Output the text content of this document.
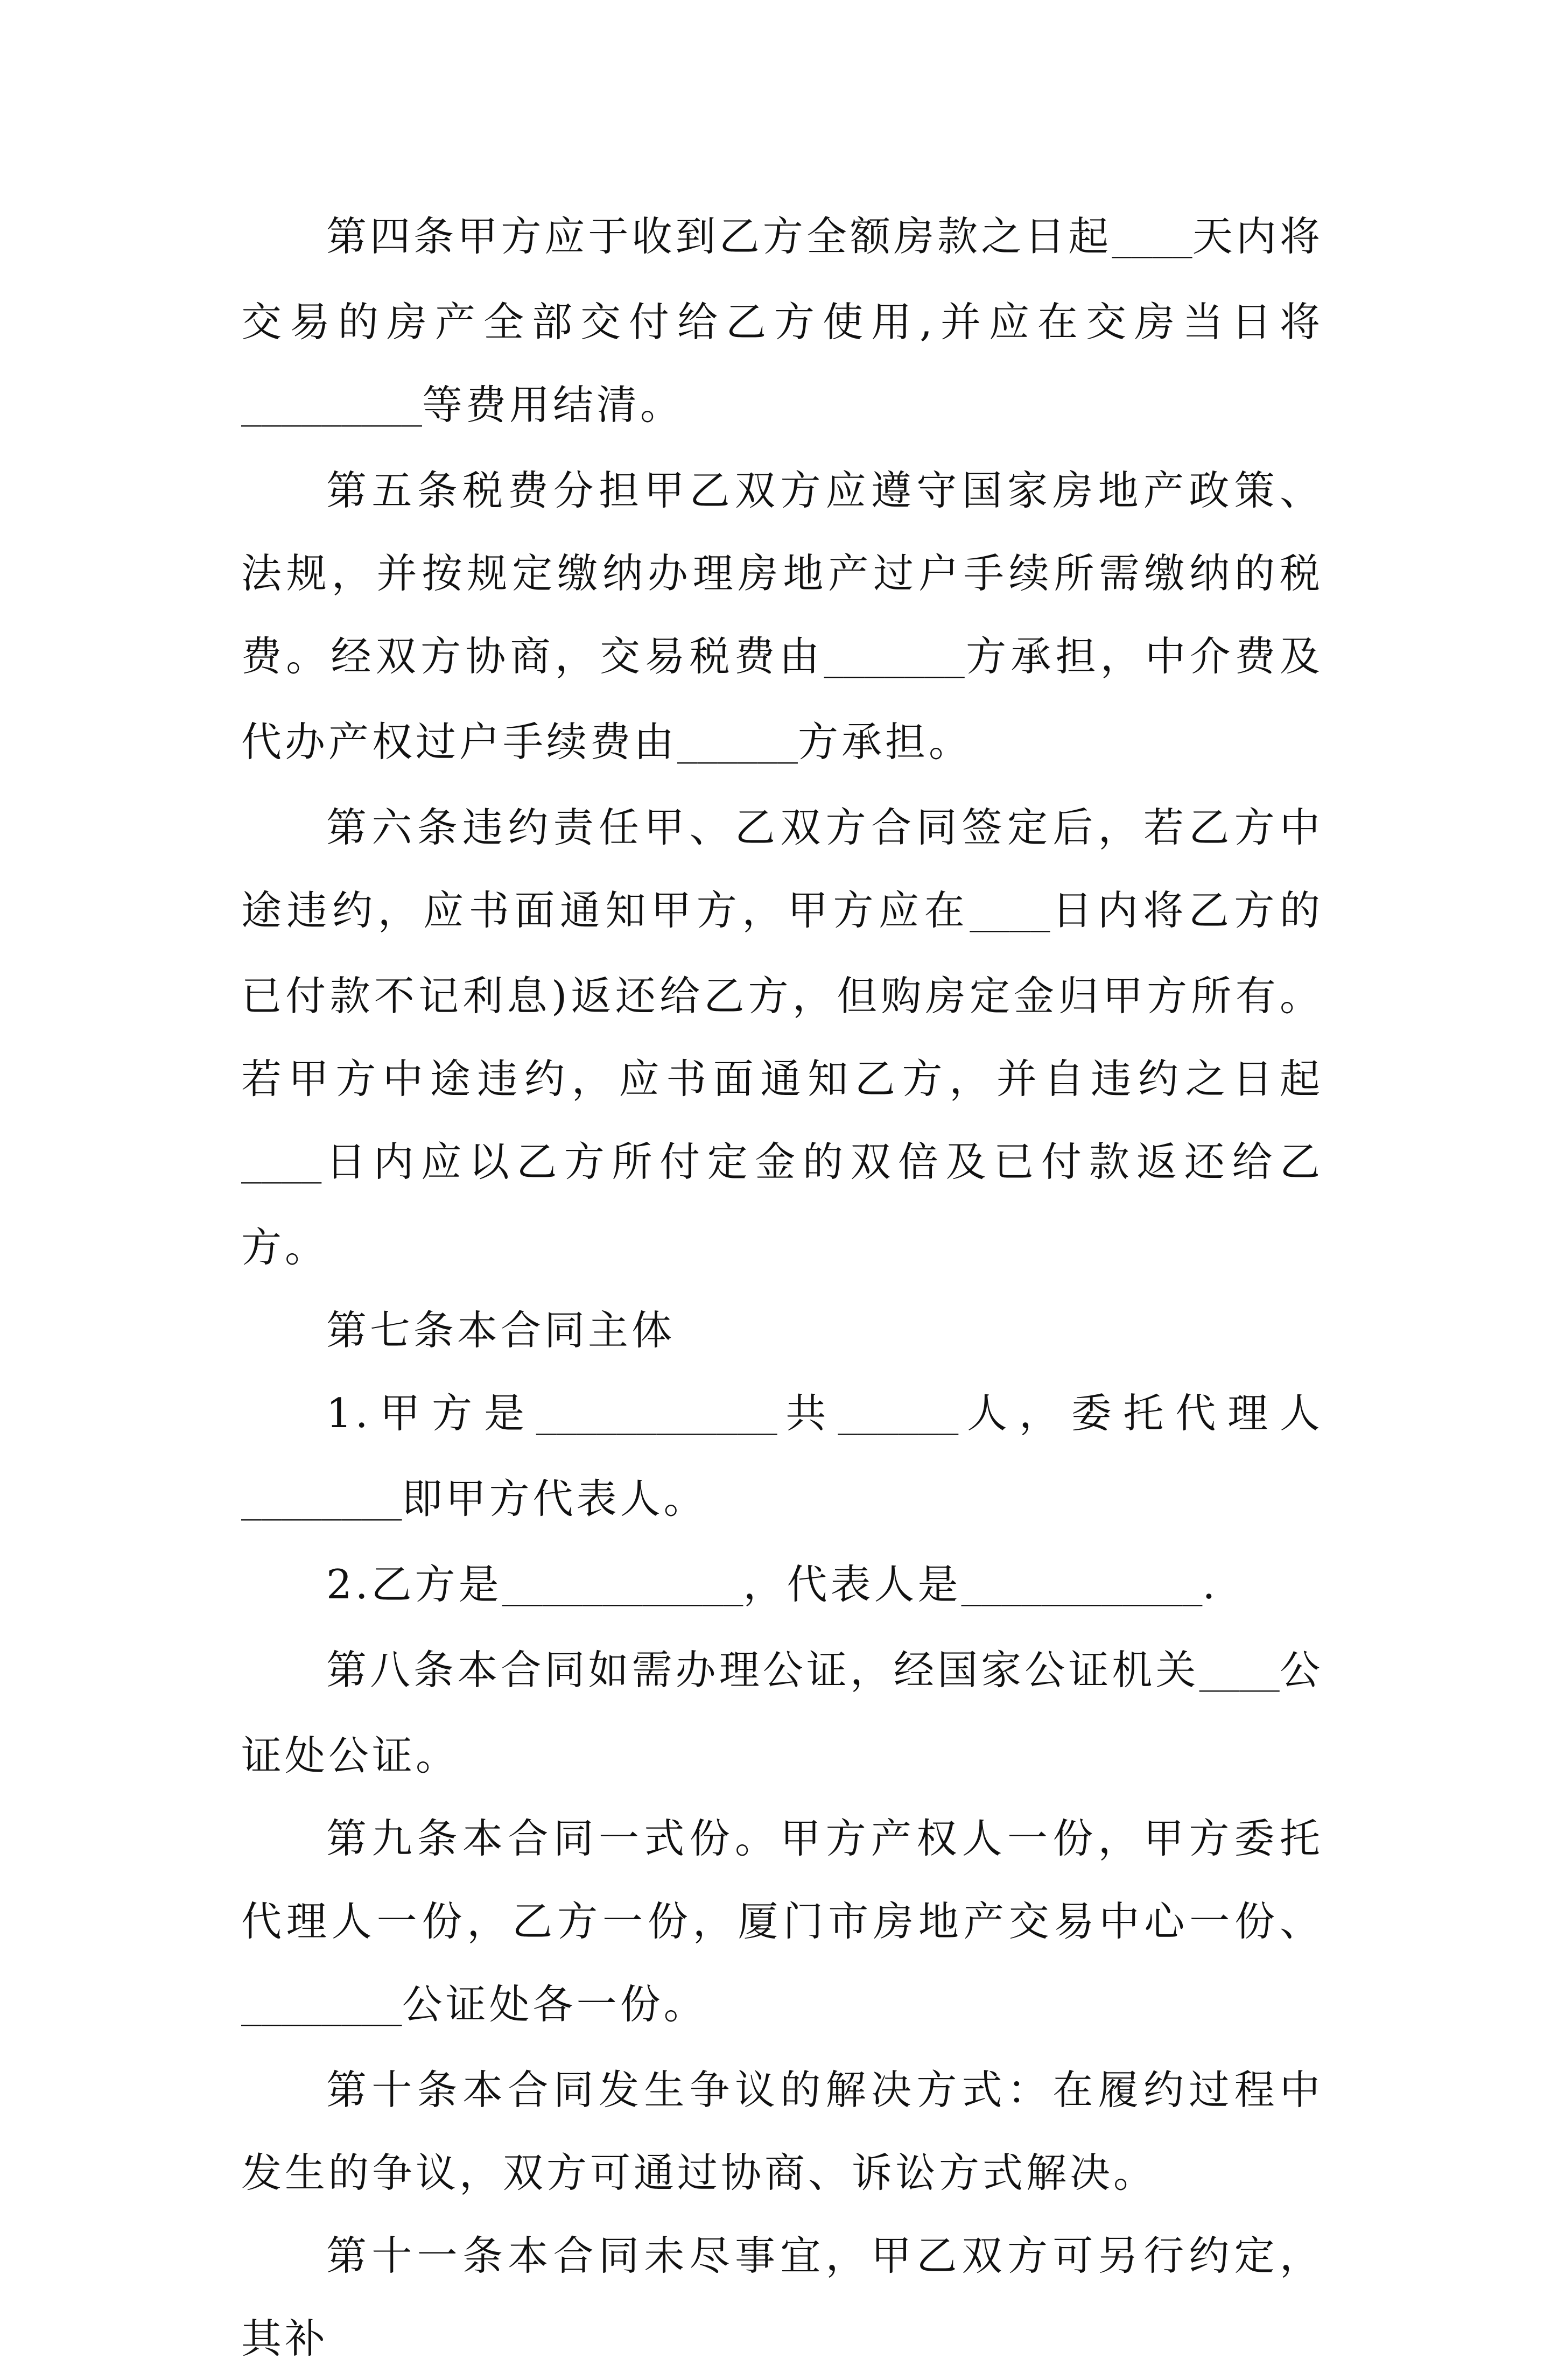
第四条甲方应于收到乙方全额房款之日起____天内将交易的房产全部交付给乙方使用,并应在交房当日将_________等费用结清。

第五条税费分担甲乙双方应遵守国家房地产政策、法规，并按规定缴纳办理房地产过户手续所需缴纳的税费。经双方协商，交易税费由_______方承担，中介费及代办产权过户手续费由______方承担。

第六条违约责任甲、乙双方合同签定后，若乙方中途违约，应书面通知甲方，甲方应在____日内将乙方的已付款不记利息)返还给乙方，但购房定金归甲方所有。若甲方中途违约，应书面通知乙方，并自违约之日起____日内应以乙方所付定金的双倍及已付款返还给乙方。

第七条本合同主体

1.甲方是____________共______人，委托代理人________即甲方代表人。

2.乙方是____________，代表人是____________.

第八条本合同如需办理公证，经国家公证机关____公证处公证。

第九条本合同一式份。甲方产权人一份，甲方委托代理人一份，乙方一份，厦门市房地产交易中心一份、________公证处各一份。

第十条本合同发生争议的解决方式：在履约过程中发生的争议，双方可通过协商、诉讼方式解决。

第十一条本合同未尽事宜，甲乙双方可另行约定，其补
